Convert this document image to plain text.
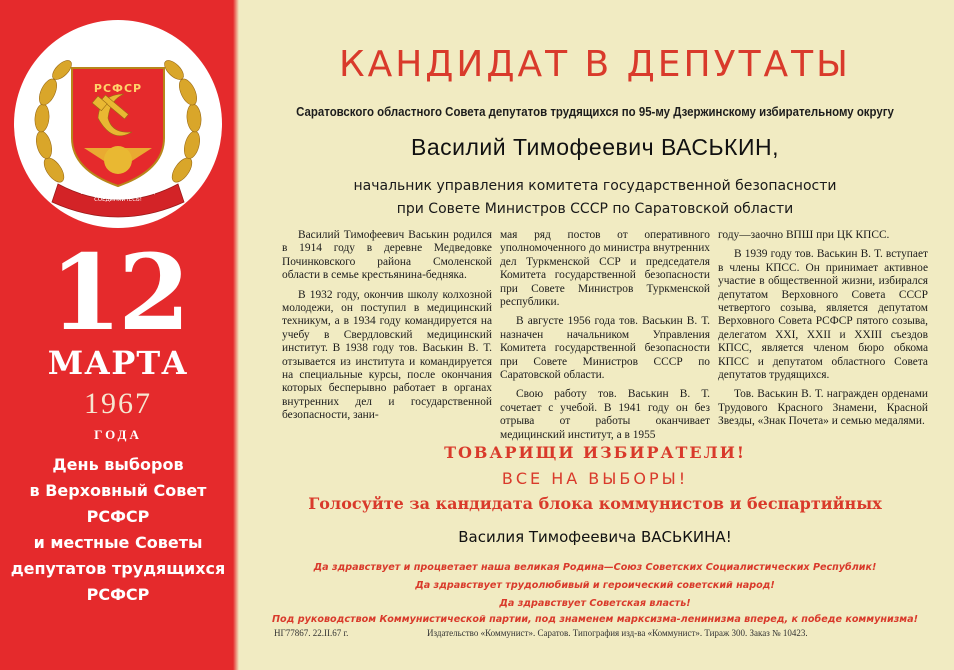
РСФСР
ПРОЛЕТАРИИ ВСЕХ СТРАН, СОЕДИНЯЙТЕСЬ!
12
МАРТА
1967
ГОДА
День выборов
в Верховный Совет
РСФСР
и местные Советы
депутатов трудящихся
РСФСР
КАНДИДАТ В ДЕПУТАТЫ
Саратовского областного Совета депутатов трудящихся по 95-му Дзержинскому избирательному округу
Василий Тимофеевич ВАСЬКИН,
начальник управления комитета государственной безопасности
при Совете Министров СССР по Саратовской области

Василий Тимофеевич Васькин родился в 1914 году в деревне Медведовке Починковского района Смоленской области в семье крестьянина-бедняка.

В 1932 году, окончив школу колхозной молодежи, он поступил в медицинский техникум, а в 1934 году командируется на учебу в Свердловский медицинский институт. В 1938 году тов. Васькин В. Т. отзывается из института и командируется на специальные курсы, после окончания которых бесперывно работает в органах внутренних дел и государственной безопасности, зани-

мая ряд постов от оперативного уполномоченного до министра внутренних дел Туркменской ССР и председателя Комитета государственной безопасности при Совете Министров Туркменской республики.

В августе 1956 года тов. Васькин В. Т. назначен начальником Управления Комитета государственной безопасности при Совете Министров СССР по Саратовской области.

Свою работу тов. Васькин В. Т. сочетает с учебой. В 1941 году он без отрыва от работы оканчивает медицинский институт, а в 1955

году—заочно ВПШ при ЦК КПСС.

В 1939 году тов. Васькин В. Т. вступает в члены КПСС. Он принимает активное участие в общественной жизни, избирался депутатом Верховного Совета СССР четвертого созыва, является депутатом Верховного Совета РСФСР пятого созыва, делегатом XXI, XXII и XXIII съездов КПСС, является членом бюро обкома КПСС и депутатом областного Совета депутатов трудящихся.

Тов. Васькин В. Т. награжден орденами Трудового Красного Знамени, Красной Звезды, «Знак Почета» и семью медалями.

ТОВАРИЩИ ИЗБИРАТЕЛИ!
ВСЕ НА ВЫБОРЫ!
Голосуйте за кандидата блока коммунистов и беспартийных
Василия Тимофеевича ВАСЬКИНА!
Да здравствует и процветает наша великая Родина—Союз Советских Социалистических Республик!
Да здравствует трудолюбивый и героический советский народ!
Да здравствует Советская власть!
Под руководством Коммунистической партии, под знаменем марксизма-ленинизма вперед, к победе коммунизма!
НГ77867. 22.II.67 г.	Издательство «Коммунист». Саратов. Типография изд-ва «Коммунист». Тираж 300. Заказ № 10423.
